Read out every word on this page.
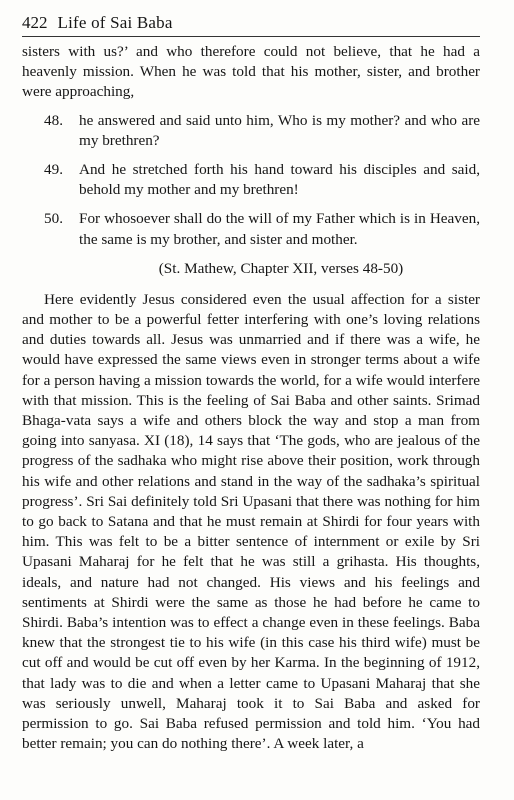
422 Life of Sai Baba

sisters with us?’ and who therefore could not believe, that he had a heavenly mission. When he was told that his mother, sister, and brother were approaching,

48.	he answered and said unto him, Who is my mother? and who are my brethren?
49.	And he stretched forth his hand toward his disciples and said, behold my mother and my brethren!
50.	For whosoever shall do the will of my Father which is in Heaven, the same is my brother, and sister and mother.
(St. Mathew, Chapter XII, verses 48-50)

Here evidently Jesus considered even the usual affection for a sister and mother to be a powerful fetter interfering with one’s loving relations and duties towards all. Jesus was unmarried and if there was a wife, he would have expressed the same views even in stronger terms about a wife for a person having a mission towards the world, for a wife would interfere with that mission. This is the feeling of Sai Baba and other saints. Srimad Bhaga-vata says a wife and others block the way and stop a man from going into sanyasa. XI (18), 14 says that ‘The gods, who are jealous of the progress of the sadhaka who might rise above their position, work through his wife and other relations and stand in the way of the sadhaka’s spiritual progress’. Sri Sai definitely told Sri Upasani that there was nothing for him to go back to Satana and that he must remain at Shirdi for four years with him. This was felt to be a bitter sentence of internment or exile by Sri Upasani Maharaj for he felt that he was still a grihasta. His thoughts, ideals, and nature had not changed. His views and his feelings and sentiments at Shirdi were the same as those he had before he came to Shirdi. Baba’s intention was to effect a change even in these feelings. Baba knew that the strongest tie to his wife (in this case his third wife) must be cut off and would be cut off even by her Karma. In the beginning of 1912, that lady was to die and when a letter came to Upasani Maharaj that she was seriously unwell, Maharaj took it to Sai Baba and asked for permission to go. Sai Baba refused permission and told him. ‘You had better remain; you can do nothing there’. A week later, a
